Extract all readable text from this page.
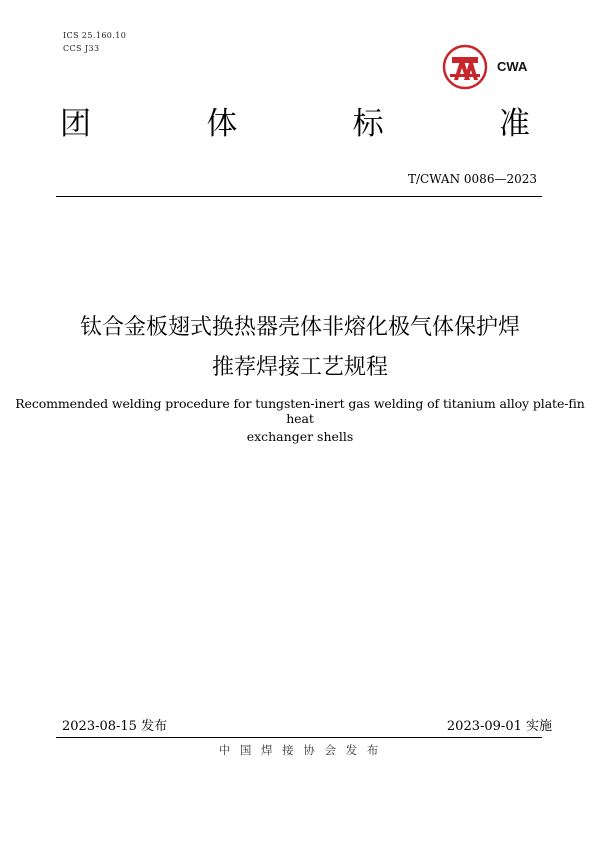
ICS 25.160.10
CCS J33
CWA
团	体	标	准
T/CWAN 0086—2023
钛合金板翅式换热器壳体非熔化极气体保护焊
推荐焊接工艺规程
Recommended welding procedure for tungsten-inert gas welding of titanium alloy plate-fin heat
exchanger shells
2023-08-15 发布	2023-09-01 实施
中 国 焊 接 协 会 发 布
